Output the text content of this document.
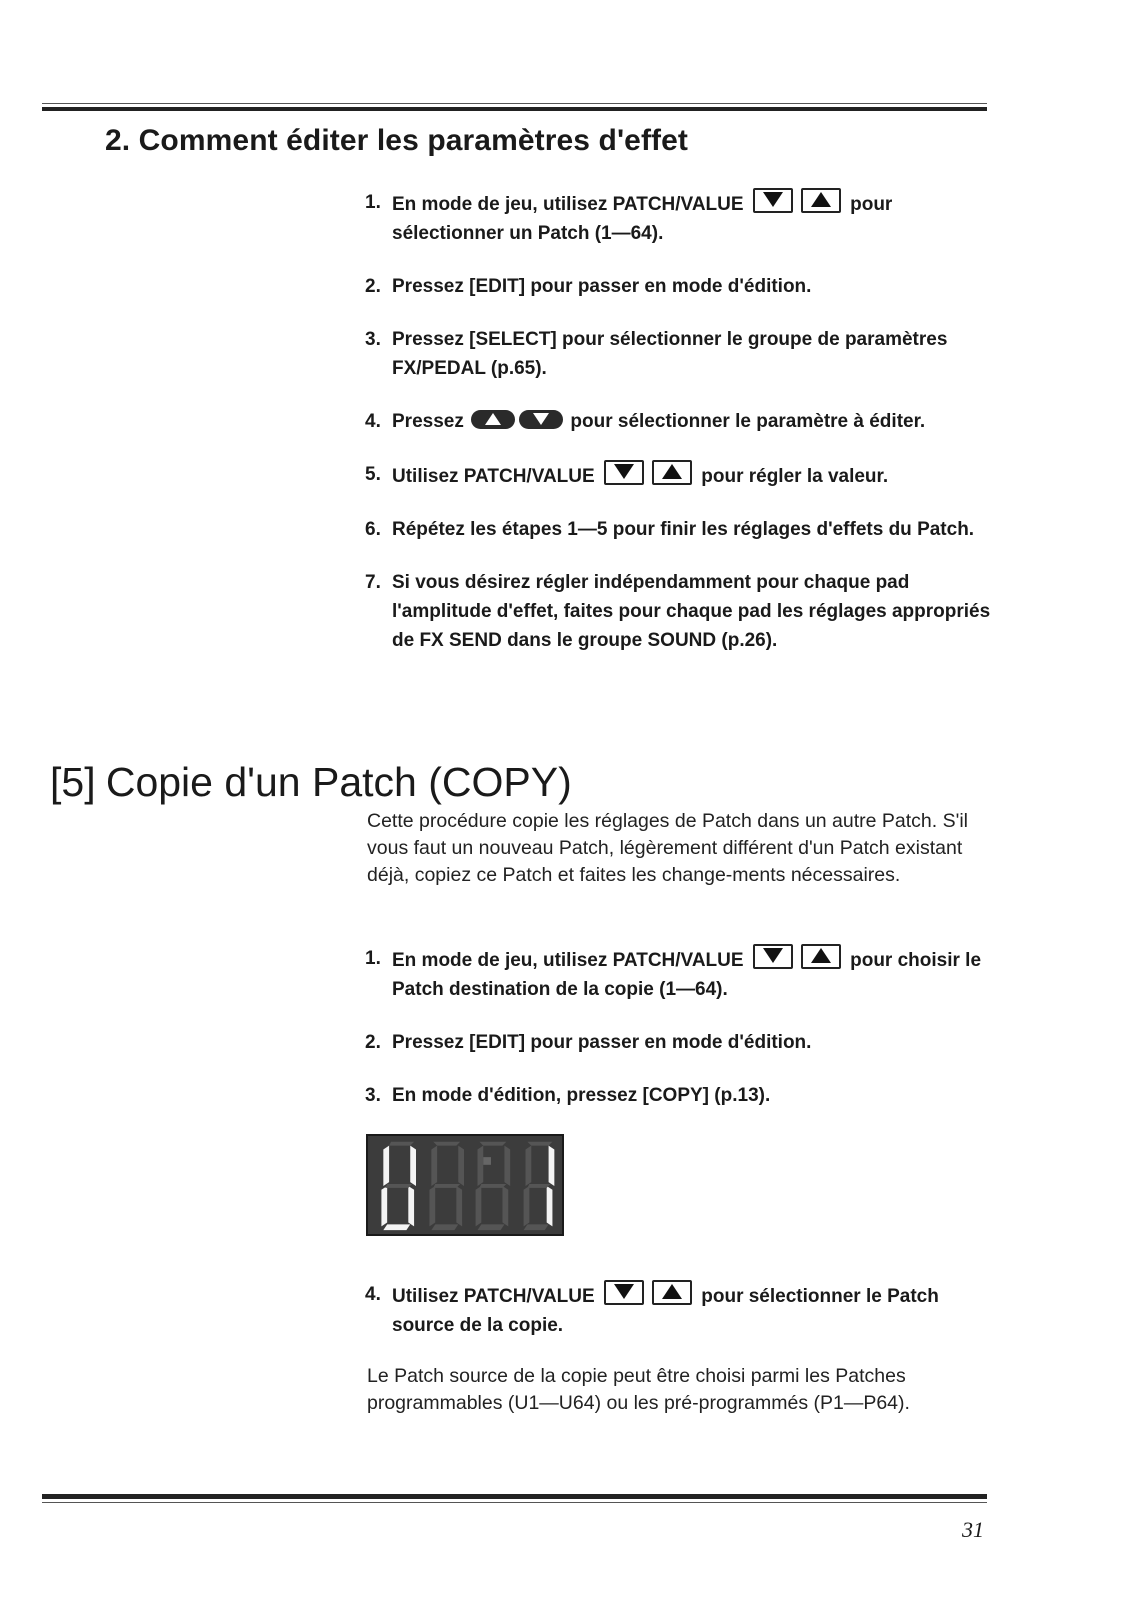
2. Comment éditer les paramètres d'effet
1. En mode de jeu, utilisez PATCH/VALUE	pour sélectionner un Patch (1—64).
2. Pressez [EDIT] pour passer en mode d'édition.
3. Pressez [SELECT] pour sélectionner le groupe de paramètres FX/PEDAL (p.65).
4. Pressez	pour sélectionner le paramètre à éditer.
5. Utilisez PATCH/VALUE	pour régler la valeur.
6. Répétez les étapes 1—5 pour finir les réglages d'effets du Patch.
7. Si vous désirez régler indépendamment pour chaque pad l'amplitude d'effet, faites pour chaque pad les réglages appropriés de FX SEND dans le groupe SOUND (p.26).
[5] Copie d'un Patch (COPY)

Cette procédure copie les réglages de Patch dans un autre Patch. S'il vous faut un nouveau Patch, légèrement différent d'un Patch existant déjà, copiez ce Patch et faites les change-ments nécessaires.

1. En mode de jeu, utilisez PATCH/VALUE	pour choisir le Patch destination de la copie (1—64).
2. Pressez [EDIT] pour passer en mode d'édition.
3. En mode d'édition, pressez [COPY] (p.13).
4. Utilisez PATCH/VALUE	pour sélectionner le Patch source de la copie.

Le Patch source de la copie peut être choisi parmi les Patches programmables (U1—U64) ou les pré-programmés (P1—P64).

31
